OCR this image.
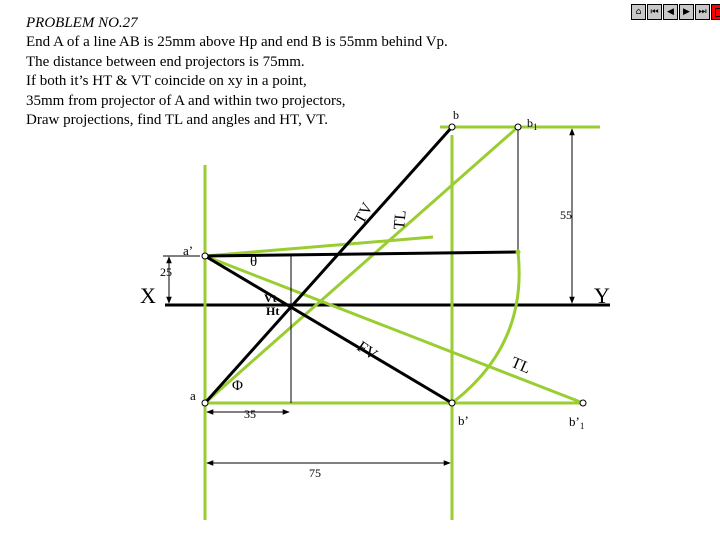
PROBLEM NO.27
End A of a line AB is 25mm above Hp and end B is 55mm behind Vp.
The distance between end projectors is 75mm.
If both it’s HT & VT coincide on xy in a point,
35mm from projector of A and within two projectors,
Draw projections, find TL and angles and HT, VT.
⌂	⏮ ◀	▶ ⏭
X	Y
a’
a
b
$b_1$
b’	$b’_1$
Vt
Ht
θ
Φ
TV TL
FV
TL
25
55
35
75
